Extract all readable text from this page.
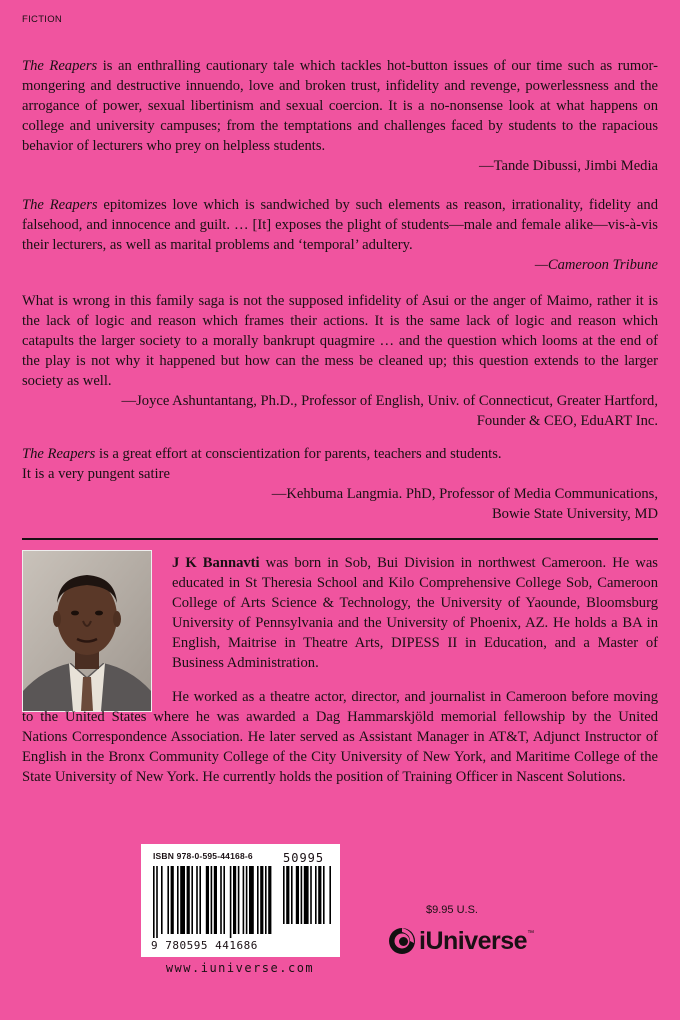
FICTION

The Reapers is an enthralling cautionary tale which tackles hot-button issues of our time such as rumor-mongering and destructive innuendo, love and broken trust, infidelity and revenge, powerlessness and the arrogance of power, sexual libertinism and sexual coercion. It is a no-nonsense look at what happens on college and university campuses; from the temptations and challenges faced by students to the rapacious behavior of lecturers who prey on helpless students.

—Tande Dibussi, Jimbi Media

The Reapers epitomizes love which is sandwiched by such elements as reason, irrationality, fidelity and falsehood, and innocence and guilt. … [It] exposes the plight of students—male and female alike—vis-à-vis their lecturers, as well as marital problems and ‘temporal’ adultery.

—Cameroon Tribune

What is wrong in this family saga is not the supposed infidelity of Asui or the anger of Maimo, rather it is the lack of logic and reason which frames their actions. It is the same lack of logic and reason which catapults the larger society to a morally bankrupt quagmire … and the question which looms at the end of the play is not why it happened but how can the mess be cleaned up; this question extends to the larger society as well.

—Joyce Ashuntantang, Ph.D., Professor of English, Univ. of Connecticut, Greater Hartford,

Founder & CEO, EduART Inc.

The Reapers is a great effort at conscientization for parents, teachers and students.

It is a very pungent satire

—Kehbuma Langmia. PhD, Professor of Media Communications,

Bowie State University, MD

J K Bannavti was born in Sob, Bui Division in northwest Cameroon. He was educated in St Theresia School and Kilo Comprehensive College Sob, Cameroon College of Arts Science & Technology, the University of Yaounde, Bloomsburg University of Pennsylvania and the University of Phoenix, AZ. He holds a BA in English, Maitrise in Theatre Arts, DIPESS II in Education, and a Master of Business Administration.
He worked as a theatre actor, director, and journalist in Cameroon before moving to the United States where he was awarded a Dag Hammarskjöld memorial fellowship by the United Nations Correspondence Association. He later served as Assistant Manager in AT&T, Adjunct Instructor of English in the Bronx Community College of the City University of New York, and Maritime College of the State University of New York. He currently holds the position of Training Officer in Nascent Solutions.
ISBN 978-0-595-44168-6	50995
9 780595 441686
www.iuniverse.com
$9.95 U.S.
iUniverse ™
